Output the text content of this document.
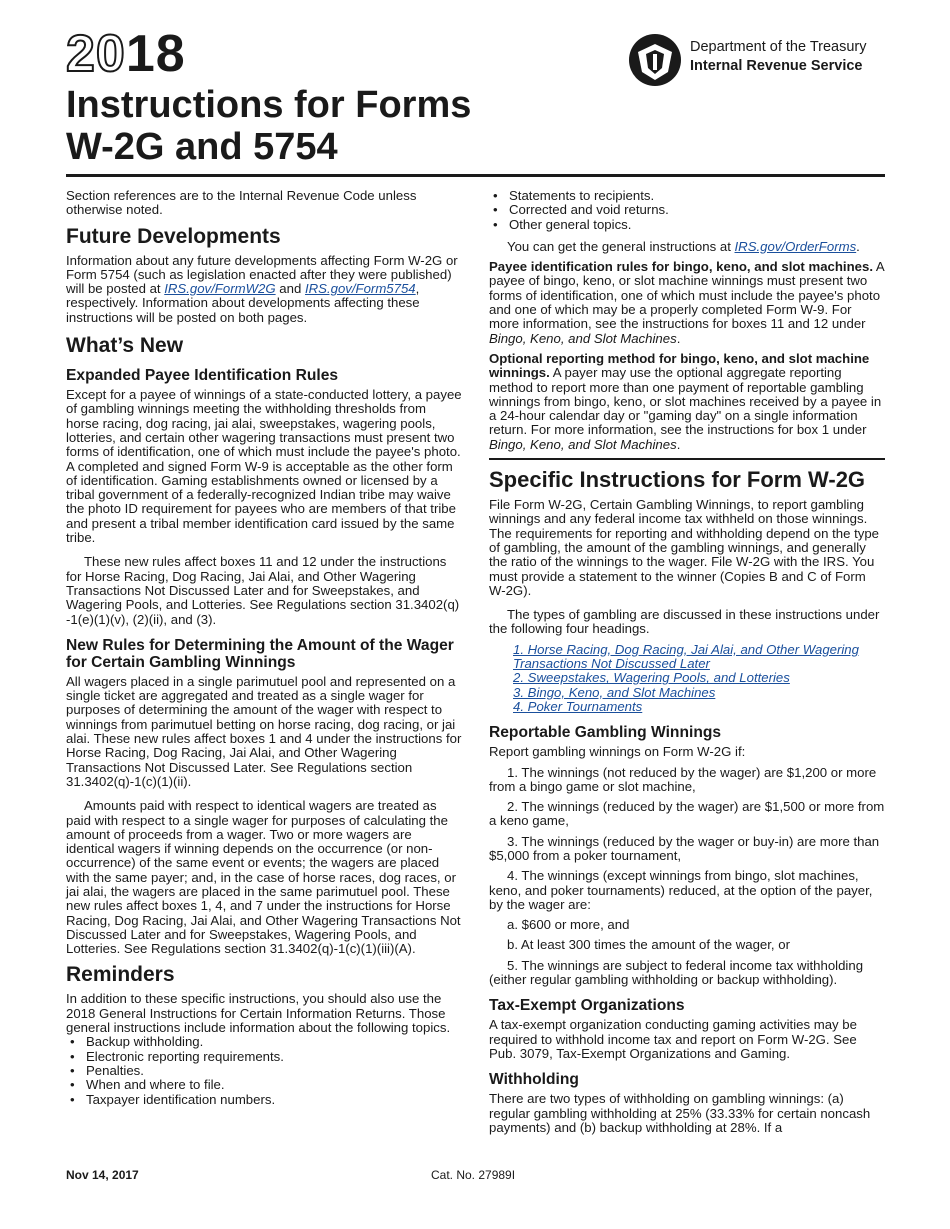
2018
Instructions for Forms
W-2G and 5754
Department of the Treasury
Internal Revenue Service

Section references are to the Internal Revenue Code unless otherwise noted.

Future Developments

Information about any future developments affecting Form W-2G or Form 5754 (such as legislation enacted after they were published) will be posted at IRS.gov/FormW2G and IRS.gov/Form5754, respectively. Information about developments affecting these instructions will be posted on both pages.

What’s New
Expanded Payee Identification Rules

Except for a payee of winnings of a state-conducted lottery, a payee of gambling winnings meeting the withholding thresholds from horse racing, dog racing, jai alai, sweepstakes, wagering pools, lotteries, and certain other wagering transactions must present two forms of identification, one of which must include the payee's photo. A completed and signed Form W-9 is acceptable as the other form of identification. Gaming establishments owned or licensed by a tribal government of a federally-recognized Indian tribe may waive the photo ID requirement for payees who are members of that tribe and present a tribal member identification card issued by the same tribe.

These new rules affect boxes 11 and 12 under the instructions for Horse Racing, Dog Racing, Jai Alai, and Other Wagering Transactions Not Discussed Later and for Sweepstakes, and Wagering Pools, and Lotteries. See Regulations section 31.3402(q) -1(e)(1)(v), (2)(ii), and (3).

New Rules for Determining the Amount of the Wager for Certain Gambling Winnings

All wagers placed in a single parimutuel pool and represented on a single ticket are aggregated and treated as a single wager for purposes of determining the amount of the wager with respect to winnings from parimutuel betting on horse racing, dog racing, or jai alai. These new rules affect boxes 1 and 4 under the instructions for Horse Racing, Dog Racing, Jai Alai, and Other Wagering Transactions Not Discussed Later. See Regulations section 31.3402(q)-1(c)(1)(ii).

Amounts paid with respect to identical wagers are treated as paid with respect to a single wager for purposes of calculating the amount of proceeds from a wager. Two or more wagers are identical wagers if winning depends on the occurrence (or non-occurrence) of the same event or events; the wagers are placed with the same payer; and, in the case of horse races, dog races, or jai alai, the wagers are placed in the same parimutuel pool. These new rules affect boxes 1, 4, and 7 under the instructions for Horse Racing, Dog Racing, Jai Alai, and Other Wagering Transactions Not Discussed Later and for Sweepstakes, Wagering Pools, and Lotteries. See Regulations section 31.3402(q)-1(c)(1)(iii)(A).

Reminders

In addition to these specific instructions, you should also use the 2018 General Instructions for Certain Information Returns. Those general instructions include information about the following topics.

• Backup withholding.
• Electronic reporting requirements.
• Penalties.
• When and where to file.
• Taxpayer identification numbers.
• Statements to recipients.
• Corrected and void returns.
• Other general topics.

You can get the general instructions at IRS.gov/OrderForms.

Payee identification rules for bingo, keno, and slot machines. A payee of bingo, keno, or slot machine winnings must present two forms of identification, one of which must include the payee's photo and one of which may be a properly completed Form W-9. For more information, see the instructions for boxes 11 and 12 under Bingo, Keno, and Slot Machines.

Optional reporting method for bingo, keno, and slot machine winnings. A payer may use the optional aggregate reporting method to report more than one payment of reportable gambling winnings from bingo, keno, or slot machines received by a payee in a 24-hour calendar day or "gaming day" on a single information return. For more information, see the instructions for box 1 under Bingo, Keno, and Slot Machines.

Specific Instructions for Form W-2G

File Form W-2G, Certain Gambling Winnings, to report gambling winnings and any federal income tax withheld on those winnings. The requirements for reporting and withholding depend on the type of gambling, the amount of the gambling winnings, and generally the ratio of the winnings to the wager. File W-2G with the IRS. You must provide a statement to the winner (Copies B and C of Form W-2G).

The types of gambling are discussed in these instructions under the following four headings.

1. Horse Racing, Dog Racing, Jai Alai, and Other Wagering Transactions Not Discussed Later
2. Sweepstakes, Wagering Pools, and Lotteries
3. Bingo, Keno, and Slot Machines
4. Poker Tournaments
Reportable Gambling Winnings

Report gambling winnings on Form W-2G if:

1. The winnings (not reduced by the wager) are $1,200 or more from a bingo game or slot machine,
2. The winnings (reduced by the wager) are $1,500 or more from a keno game,
3. The winnings (reduced by the wager or buy-in) are more than $5,000 from a poker tournament,
4. The winnings (except winnings from bingo, slot machines, keno, and poker tournaments) reduced, at the option of the payer, by the wager are:
a. $600 or more, and
b. At least 300 times the amount of the wager, or
5. The winnings are subject to federal income tax withholding (either regular gambling withholding or backup withholding).
Tax-Exempt Organizations

A tax-exempt organization conducting gaming activities may be required to withhold income tax and report on Form W-2G. See Pub. 3079, Tax-Exempt Organizations and Gaming.

Withholding

There are two types of withholding on gambling winnings: (a) regular gambling withholding at 25% (33.33% for certain noncash payments) and (b) backup withholding at 28%. If a

Nov 14, 2017	Cat. No. 27989I
